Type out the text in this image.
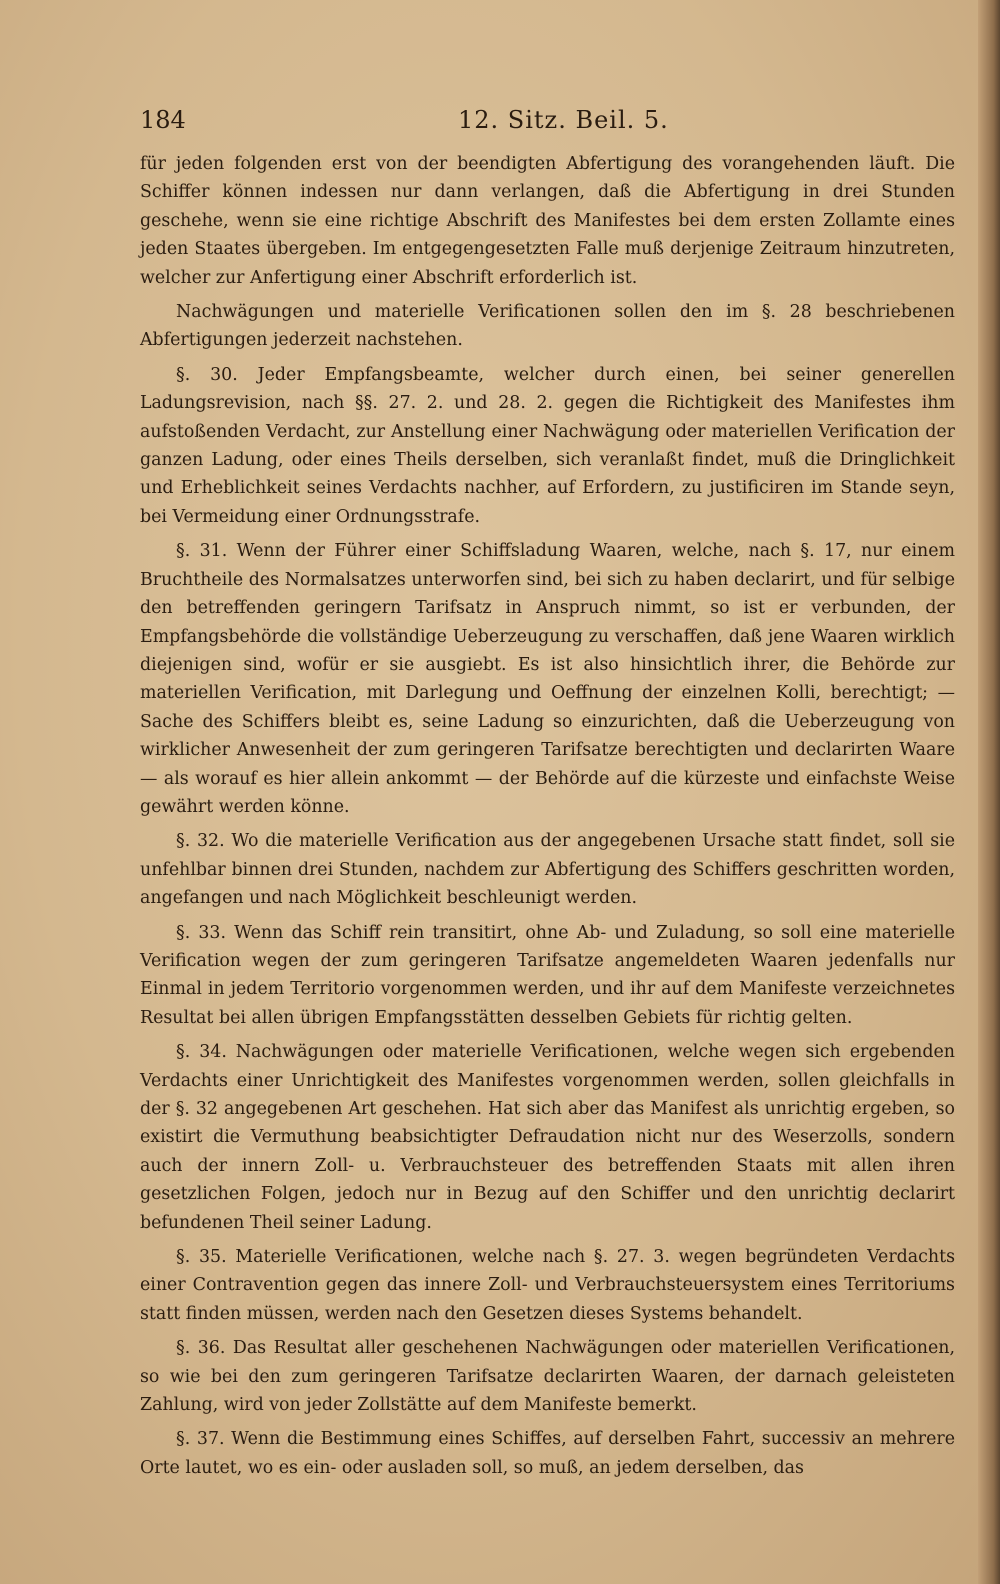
184	12. Sitz. Beil. 5.

für jeden folgenden erst von der beendigten Abfertigung des vorangehenden läuft. Die Schiffer können indessen nur dann verlangen, daß die Abfertigung in drei Stunden geschehe, wenn sie eine richtige Abschrift des Manifestes bei dem ersten Zollamte eines jeden Staates übergeben. Im entgegengesetzten Falle muß derjenige Zeitraum hinzutreten, welcher zur Anfertigung einer Abschrift erforderlich ist.

Nachwägungen und materielle Verificationen sollen den im §. 28 beschriebenen Abfertigungen jederzeit nachstehen.

§. 30. Jeder Empfangsbeamte, welcher durch einen, bei seiner generellen Ladungsrevision, nach §§. 27. 2. und 28. 2. gegen die Richtigkeit des Manifestes ihm aufstoßenden Verdacht, zur Anstellung einer Nachwägung oder materiellen Verification der ganzen Ladung, oder eines Theils derselben, sich veranlaßt findet, muß die Dringlichkeit und Erheblichkeit seines Verdachts nachher, auf Erfordern, zu justificiren im Stande seyn, bei Vermeidung einer Ordnungsstrafe.

§. 31. Wenn der Führer einer Schiffsladung Waaren, welche, nach §. 17, nur einem Bruchtheile des Normalsatzes unterworfen sind, bei sich zu haben declarirt, und für selbige den betreffenden geringern Tarifsatz in Anspruch nimmt, so ist er verbunden, der Empfangsbehörde die vollständige Ueberzeugung zu verschaffen, daß jene Waaren wirklich diejenigen sind, wofür er sie ausgiebt. Es ist also hinsichtlich ihrer, die Behörde zur materiellen Verification, mit Darlegung und Oeffnung der einzelnen Kolli, berechtigt; — Sache des Schiffers bleibt es, seine Ladung so einzurichten, daß die Ueberzeugung von wirklicher Anwesenheit der zum geringeren Tarifsatze berechtigten und declarirten Waare — als worauf es hier allein ankommt — der Behörde auf die kürzeste und einfachste Weise gewährt werden könne.

§. 32. Wo die materielle Verification aus der angegebenen Ursache statt findet, soll sie unfehlbar binnen drei Stunden, nachdem zur Abfertigung des Schiffers geschritten worden, angefangen und nach Möglichkeit beschleunigt werden.

§. 33. Wenn das Schiff rein transitirt, ohne Ab- und Zuladung, so soll eine materielle Verification wegen der zum geringeren Tarifsatze angemeldeten Waaren jedenfalls nur Einmal in jedem Territorio vorgenommen werden, und ihr auf dem Manifeste verzeichnetes Resultat bei allen übrigen Empfangsstätten desselben Gebiets für richtig gelten.

§. 34. Nachwägungen oder materielle Verificationen, welche wegen sich ergebenden Verdachts einer Unrichtigkeit des Manifestes vorgenommen werden, sollen gleichfalls in der §. 32 angegebenen Art geschehen. Hat sich aber das Manifest als unrichtig ergeben, so existirt die Vermuthung beabsichtigter Defraudation nicht nur des Weserzolls, sondern auch der innern Zoll- u. Verbrauchsteuer des betreffenden Staats mit allen ihren gesetzlichen Folgen, jedoch nur in Bezug auf den Schiffer und den unrichtig declarirt befundenen Theil seiner Ladung.

§. 35. Materielle Verificationen, welche nach §. 27. 3. wegen begründeten Verdachts einer Contravention gegen das innere Zoll- und Verbrauchsteuersystem eines Territoriums statt finden müssen, werden nach den Gesetzen dieses Systems behandelt.

§. 36. Das Resultat aller geschehenen Nachwägungen oder materiellen Verificationen, so wie bei den zum geringeren Tarifsatze declarirten Waaren, der darnach geleisteten Zahlung, wird von jeder Zollstätte auf dem Manifeste bemerkt.

§. 37. Wenn die Bestimmung eines Schiffes, auf derselben Fahrt, successiv an mehrere Orte lautet, wo es ein- oder ausladen soll, so muß, an jedem derselben, das
